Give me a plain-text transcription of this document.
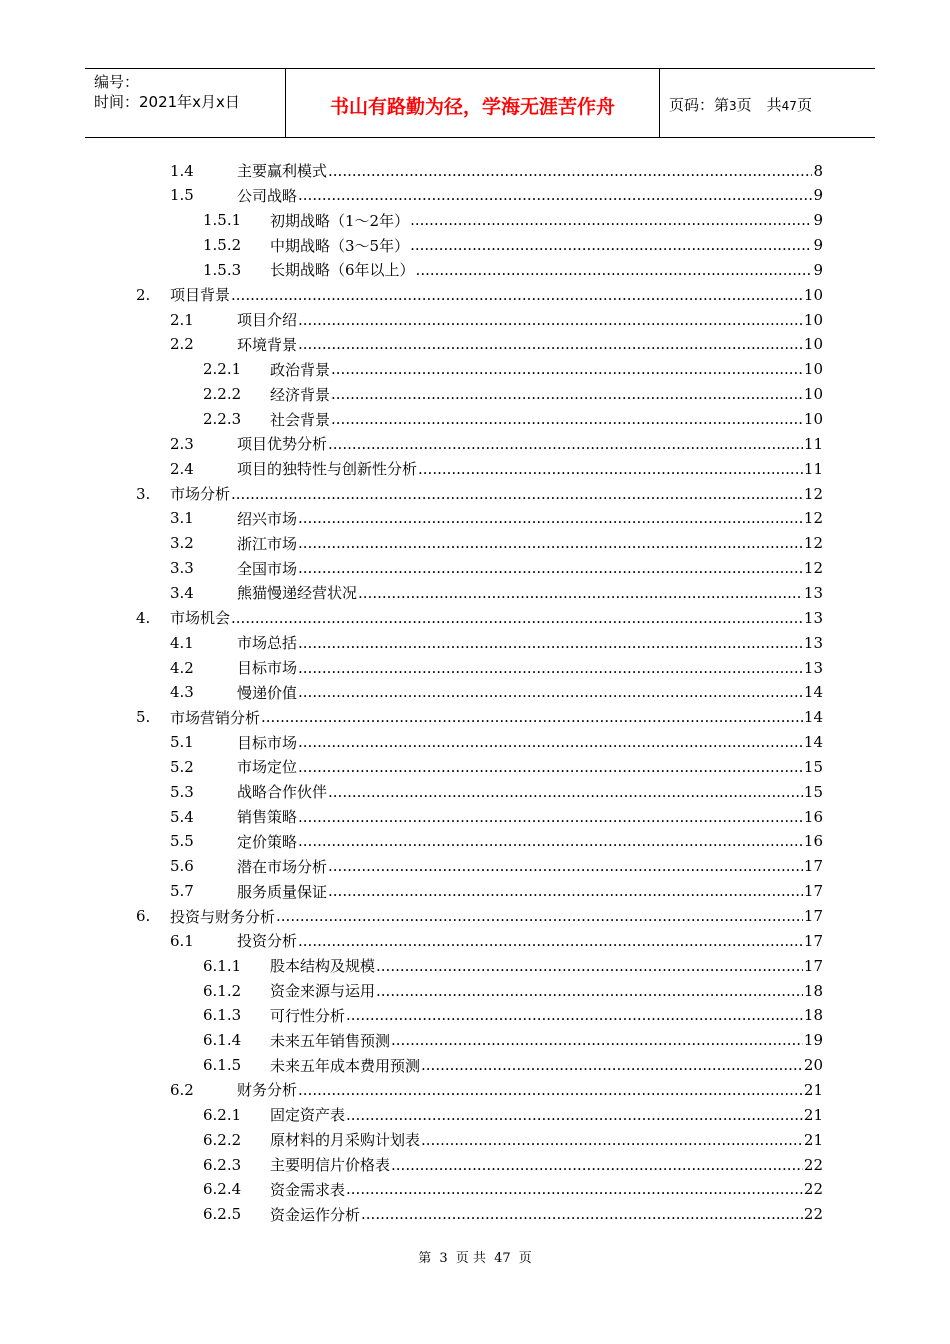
编号：
时间：2021年x月x日	书山有路勤为径，学海无涯苦作舟	页码：第3页　共47页
1.4	主要赢利模式 .....	8
1.5	公司战略 .....	9
1.5.1 初期战略（1～2年） .....	9
1.5.2 中期战略（3～5年） .....	9
1.5.3 长期战略（6年以上） .....	9
2. 项目背景 .....	10
2.1	项目介绍 .....	10
2.2	环境背景 .....	10
2.2.1 政治背景 .....	10
2.2.2 经济背景 .....	10
2.2.3 社会背景 .....	10
2.3	项目优势分析 .....	11
2.4	项目的独特性与创新性分析 .....	11
3. 市场分析 .....	12
3.1	绍兴市场 .....	12
3.2	浙江市场 .....	12
3.3	全国市场 .....	12
3.4	熊猫慢递经营状况 .....	13
4. 市场机会 .....	13
4.1	市场总括 .....	13
4.2	目标市场 .....	13
4.3	慢递价值 .....	14
5. 市场营销分析 .....	14
5.1	目标市场 .....	14
5.2	市场定位 .....	15
5.3	战略合作伙伴 .....	15
5.4	销售策略 .....	16
5.5	定价策略 .....	16
5.6	潜在市场分析 .....	17
5.7	服务质量保证 .....	17
6. 投资与财务分析 .....	17
6.1	投资分析 .....	17
6.1.1 股本结构及规模 .....	17
6.1.2 资金来源与运用 .....	18
6.1.3 可行性分析 .....	18
6.1.4 未来五年销售预测 .....	19
6.1.5 未来五年成本费用预测 .....	20
6.2	财务分析 .....	21
6.2.1 固定资产表 .....	21
6.2.2 原材料的月采购计划表 .....	21
6.2.3 主要明信片价格表 .....	22
6.2.4 资金需求表 .....	22
6.2.5 资金运作分析 .....	22
第 3 页 共 47 页
